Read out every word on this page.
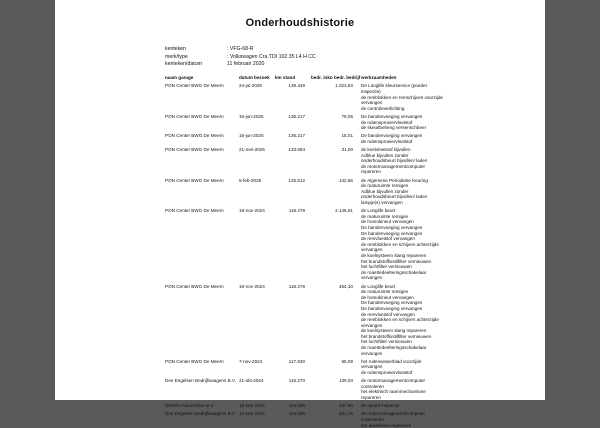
Onderhoudshistorie
kenteken	: VFG-68-R
merk/type	: Volkswagen Cra.TDI 102 35 L4 H CC
kenteken/datum	11 februari 2020
naam garage	datum bezoek	km stand	bedr. inko bedr. bedrijf	werkzaamheden
PON Center BWG De Meern	24-jul-2025	139.449	1.023,83	De Longlife kleurservice (poeder
inspectie)
de remblokken en remschijven voorzijde
vervangen
de controleverlichting

PON Center BWG De Meern	16-jun-2025	136.217	78,05	De bandenvoeging vervangen
de ruitensproeiervloeistof
de skeuitbeheng versenschbeer

PON Center BWG De Meern	16-jun-2025	136.217	15,01	De bandenvoeging vervangen
de ruitensproeiervloeistof

PON Center BWG De Meern	21-mei-2025	133.694	31,00	de koelvloeistof bijvullen
Adblue bijvullen zonder
onderhoudsbeurt bijvullen/ laden
de motormanagementcomputer
repareren

PON Center BWG De Meern	5-feb-2025	125.512	142,66	de Algemene Periodieke Keuring
de maturuimte remigen
Adblue bijvullen zonder
onderhoudsbeurt bijvullen/ laden
lampje(s) vervangen

PON Center BWG De Meern	19-nov-2024	118.278	2.146,61	de Longlife beurt
de maturuimte remigen
de homokineut vervangen
De bandenvoeging vervangen
De bandenvoeging vervangen
de remvloeistof vervangen
de remblokken en schijven achterzijde
vervangen
de koelsysteem slang repareren
het brandstoffixstilfilter vernieuwen
het luchtfilter vernieuwen
de roaettedeelteringsschakelaar
vervangen

PON Center BWG De Meern	19-nov-2024	118.278	454,10	de Longlife beurt
de maturuimte remigen
de homokineut vervangen
De bandenvoeging vervangen
De bandenvoeging vervangen
de remvloeistof vervangen
de remblokken en schijven achterzijde
vervangen
de koelsysteem slang repareren
het brandstoffixstilfilter vernieuwen
het luchtfilter vernieuwen
de roaettedeelteringsschakelaar
vervangen

PON Center BWG De Meern	7-nov-2024	117.830	95,08	het ruitenwisserblad voorzijde
vervangen
de ruitensproeiervloeistof

Den Engelsen Bedrijfswagens B.V.	21-okt-2024	116.270	139,03	de motormanagementcomputer
controleren
het elektrisch raammechanisme
repareren

DEXRA Automotive B.V.	16-sep-2024	114.026	107,50	de spoed inspectie

Den Engelsen Bedrijfswagens B.V.	13-sep-2024	114.026	831,76	de motormanagementcomputer
controleren
het asseframe repareren
